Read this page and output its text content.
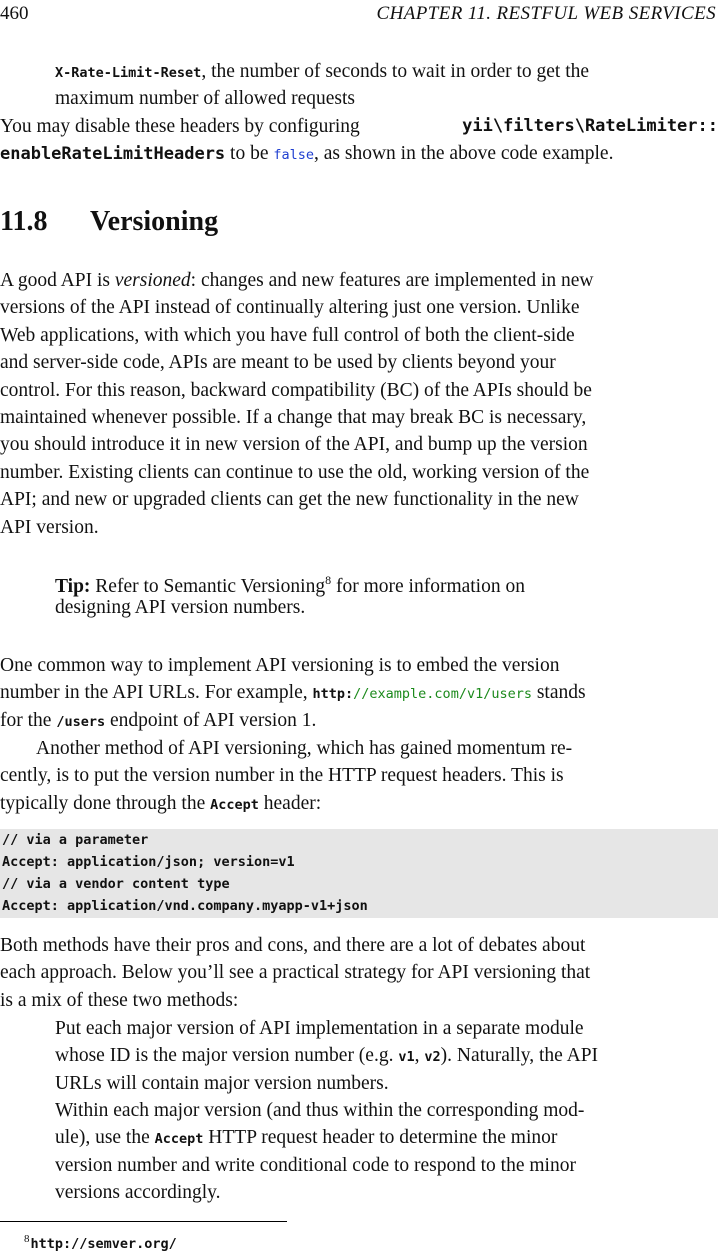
460	CHAPTER 11. RESTFUL WEB SERVICES
X-Rate-Limit-Reset, the number of seconds to wait in order to get the
maximum number of allowed requests
You may disable these headers by configuring	yii\filters\RateLimiter::
enableRateLimitHeaders to be false, as shown in the above code example.
11.8 Versioning
A good API is versioned: changes and new features are implemented in new
versions of the API instead of continually altering just one version. Unlike
Web applications, with which you have full control of both the client-side
and server-side code, APIs are meant to be used by clients beyond your
control. For this reason, backward compatibility (BC) of the APIs should be
maintained whenever possible. If a change that may break BC is necessary,
you should introduce it in new version of the API, and bump up the version
number. Existing clients can continue to use the old, working version of the
API; and new or upgraded clients can get the new functionality in the new
API version.
Tip: Refer to Semantic Versioning$^8$ for more information on
designing API version numbers.
One common way to implement API versioning is to embed the version
number in the API URLs. For example, http://example.com/v1/users stands
for the /users endpoint of API version 1.
Another method of API versioning, which has gained momentum re-
cently, is to put the version number in the HTTP request headers. This is
typically done through the Accept header:
// via a parameter
Accept: application/json; version=v1
// via a vendor content type
Accept: application/vnd.company.myapp-v1+json
Both methods have their pros and cons, and there are a lot of debates about
each approach. Below you’ll see a practical strategy for API versioning that
is a mix of these two methods:
Put each major version of API implementation in a separate module
whose ID is the major version number (e.g. v1, v2). Naturally, the API
URLs will contain major version numbers.
Within each major version (and thus within the corresponding mod-
ule), use the Accept HTTP request header to determine the minor
version number and write conditional code to respond to the minor
versions accordingly.
$^8$http://semver.org/
